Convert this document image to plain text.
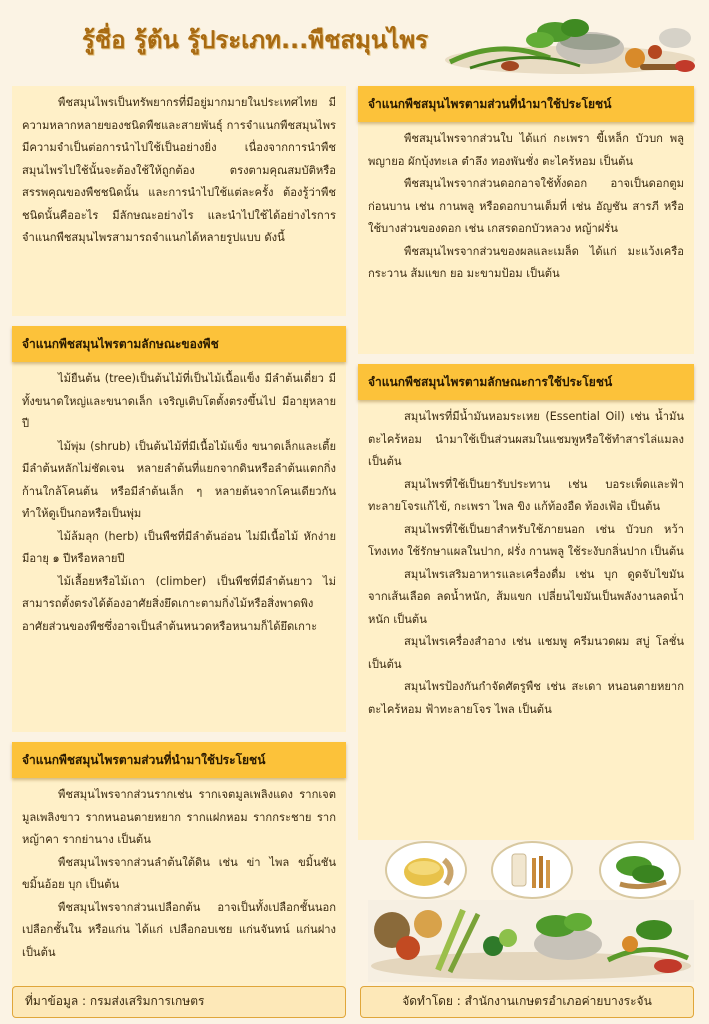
รู้ชื่อ รู้ต้น รู้ประเภท...พืชสมุนไพร

พืชสมุนไพรเป็นทรัพยากรที่มีอยู่มากมายในประเทศไทย มีความหลากหลายของชนิดพืชและสายพันธุ์ การจำแนกพืชสมุนไพร มีความจำเป็นต่อการนำไปใช้เป็นอย่างยิ่ง เนื่องจากการนำพืชสมุนไพรไปใช้นั้นจะต้องใช้ให้ถูกต้อง ตรงตามคุณสมบัติหรือสรรพคุณของพืชชนิดนั้น และการนำไปใช้แต่ละครั้ง ต้องรู้ว่าพืชชนิดนั้นคืออะไร มีลักษณะอย่างไร และนำไปใช้ได้อย่างไรการจำแนกพืชสมุนไพรสามารถจำแนกได้หลายรูปแบบ ดังนี้

จำแนกพืชสมุนไพรตามลักษณะของพืช

ไม้ยืนต้น (tree)เป็นต้นไม้ที่เป็นไม้เนื้อแข็ง มีลำต้นเดี่ยว มีทั้งขนาดใหญ่และขนาดเล็ก เจริญเติบโตตั้งตรงขึ้นไป มีอายุหลายปี

ไม้พุ่ม (shrub) เป็นต้นไม้ที่มีเนื้อไม้แข็ง ขนาดเล็กและเตี้ย มีลำต้นหลักไม่ชัดเจน หลายลำต้นที่แยกจากดินหรือลำต้นแตกกิ่งก้านใกล้โคนต้น หรือมีลำต้นเล็ก ๆ หลายต้นจากโคนเดียวกัน ทำให้ดูเป็นกอหรือเป็นพุ่ม

ไม้ล้มลุก (herb) เป็นพืชที่มีลำต้นอ่อน ไม่มีเนื้อไม้ หักง่าย มีอายุ ๑ ปีหรือหลายปี

ไม้เลื้อยหรือไม้เถา (climber) เป็นพืชที่มีลำต้นยาว ไม่สามารถตั้งตรงได้ต้องอาศัยสิ่งยึดเกาะตามกิ่งไม้หรือสิ่งพาดพิง อาศัยส่วนของพืชซึ่งอาจเป็นลำต้นหนวดหรือหนามก็ได้ยึดเกาะ

จำแนกพืชสมุนไพรตามส่วนที่นำมาใช้ประโยชน์

พืชสมุนไพรจากส่วนรากเช่น รากเจตมูลเพลิงแดง รากเจตมูลเพลิงขาว รากหนอนตายหยาก รากแฝกหอม รากกระชาย รากหญ้าคา รากย่านาง เป็นต้น

พืชสมุนไพรจากส่วนลำต้นใต้ดิน เช่น ข่า ไพล ขมิ้นชัน ขมิ้นอ้อย บุก เป็นต้น

พืชสมุนไพรจากส่วนเปลือกต้น อาจเป็นทั้งเปลือกชั้นนอก เปลือกชั้นใน หรือแก่น ได้แก่ เปลือกอบเชย แก่นจันทน์ แก่นฝาง เป็นต้น

จำแนกพืชสมุนไพรตามส่วนที่นำมาใช้ประโยชน์

พืชสมุนไพรจากส่วนใบ ได้แก่ กะเพรา ขี้เหล็ก บัวบก พลู พญายอ ผักบุ้งทะเล ตำลึง ทองพันชั่ง ตะไคร้หอม เป็นต้น

พืชสมุนไพรจากส่วนดอกอาจใช้ทั้งดอก อาจเป็นดอกตูมก่อนบาน เช่น กานพลู หรือดอกบานเต็มที่ เช่น อัญชัน สารภี หรือใช้บางส่วนของดอก เช่น เกสรดอกบัวหลวง หญ้าฝรั่น

พืชสมุนไพรจากส่วนของผลและเมล็ด ได้แก่ มะแว้งเครือ กระวาน ส้มแขก ยอ มะขามป้อม เป็นต้น

จำแนกพืชสมุนไพรตามลักษณะการใช้ประโยชน์

สมุนไพรที่มีน้ำมันหอมระเหย (Essential Oil) เช่น น้ำมันตะไคร้หอม นำมาใช้เป็นส่วนผสมในแชมพูหรือใช้ทำสารไล่แมลง เป็นต้น

สมุนไพรที่ใช้เป็นยารับประทาน เช่น บอระเพ็ดและฟ้าทะลายโจรแก้ไข้, กะเพรา ไพล ขิง แก้ท้องอืด ท้องเฟ้อ เป็นต้น

สมุนไพรที่ใช้เป็นยาสำหรับใช้ภายนอก เช่น บัวบก หว้า โทงเทง ใช้รักษาแผลในปาก, ฝรั่ง กานพลู ใช้ระงับกลิ่นปาก เป็นต้น

สมุนไพรเสริมอาหารและเครื่องดื่ม เช่น บุก ดูดจับไขมันจากเส้นเลือด ลดน้ำหนัก, ส้มแขก เปลี่ยนไขมันเป็นพลังงานลดน้ำหนัก เป็นต้น

สมุนไพรเครื่องสำอาง เช่น แชมพู ครีมนวดผม สบู่ โลชั่น เป็นต้น

สมุนไพรป้องกันกำจัดศัตรูพืช เช่น สะเดา หนอนตายหยาก ตะไคร้หอม ฟ้าทะลายโจร ไพล เป็นต้น

ที่มาข้อมูล : กรมส่งเสริมการเกษตร	จัดทำโดย : สำนักงานเกษตรอำเภอค่ายบางระจัน
